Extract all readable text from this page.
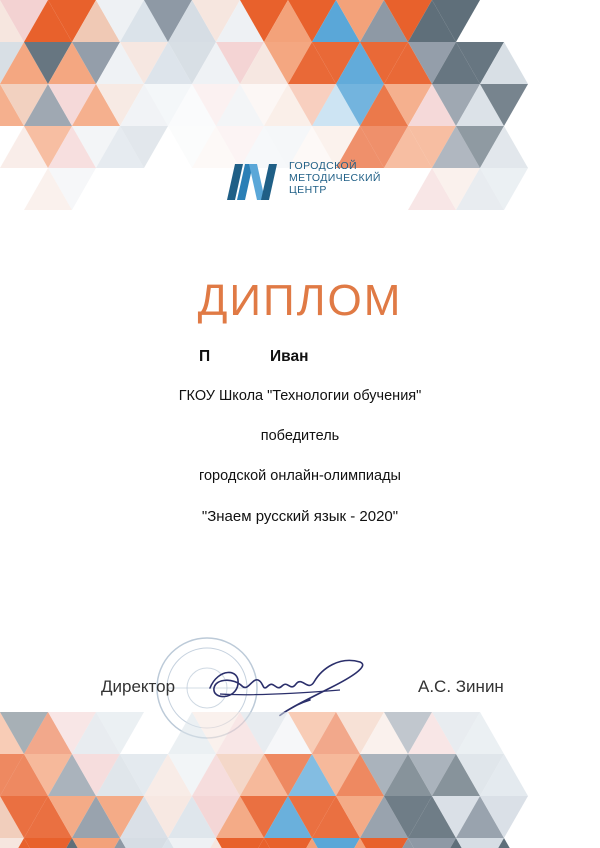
ГОРОДСКОЙ
МЕТОДИЧЕСКИЙ
ЦЕНТР
ДИПЛОМ
П	Иван
ГКОУ Школа "Технологии обучения"
победитель
городской онлайн-олимпиады
"Знаем русский язык - 2020"
Директор	А.С. Зинин
